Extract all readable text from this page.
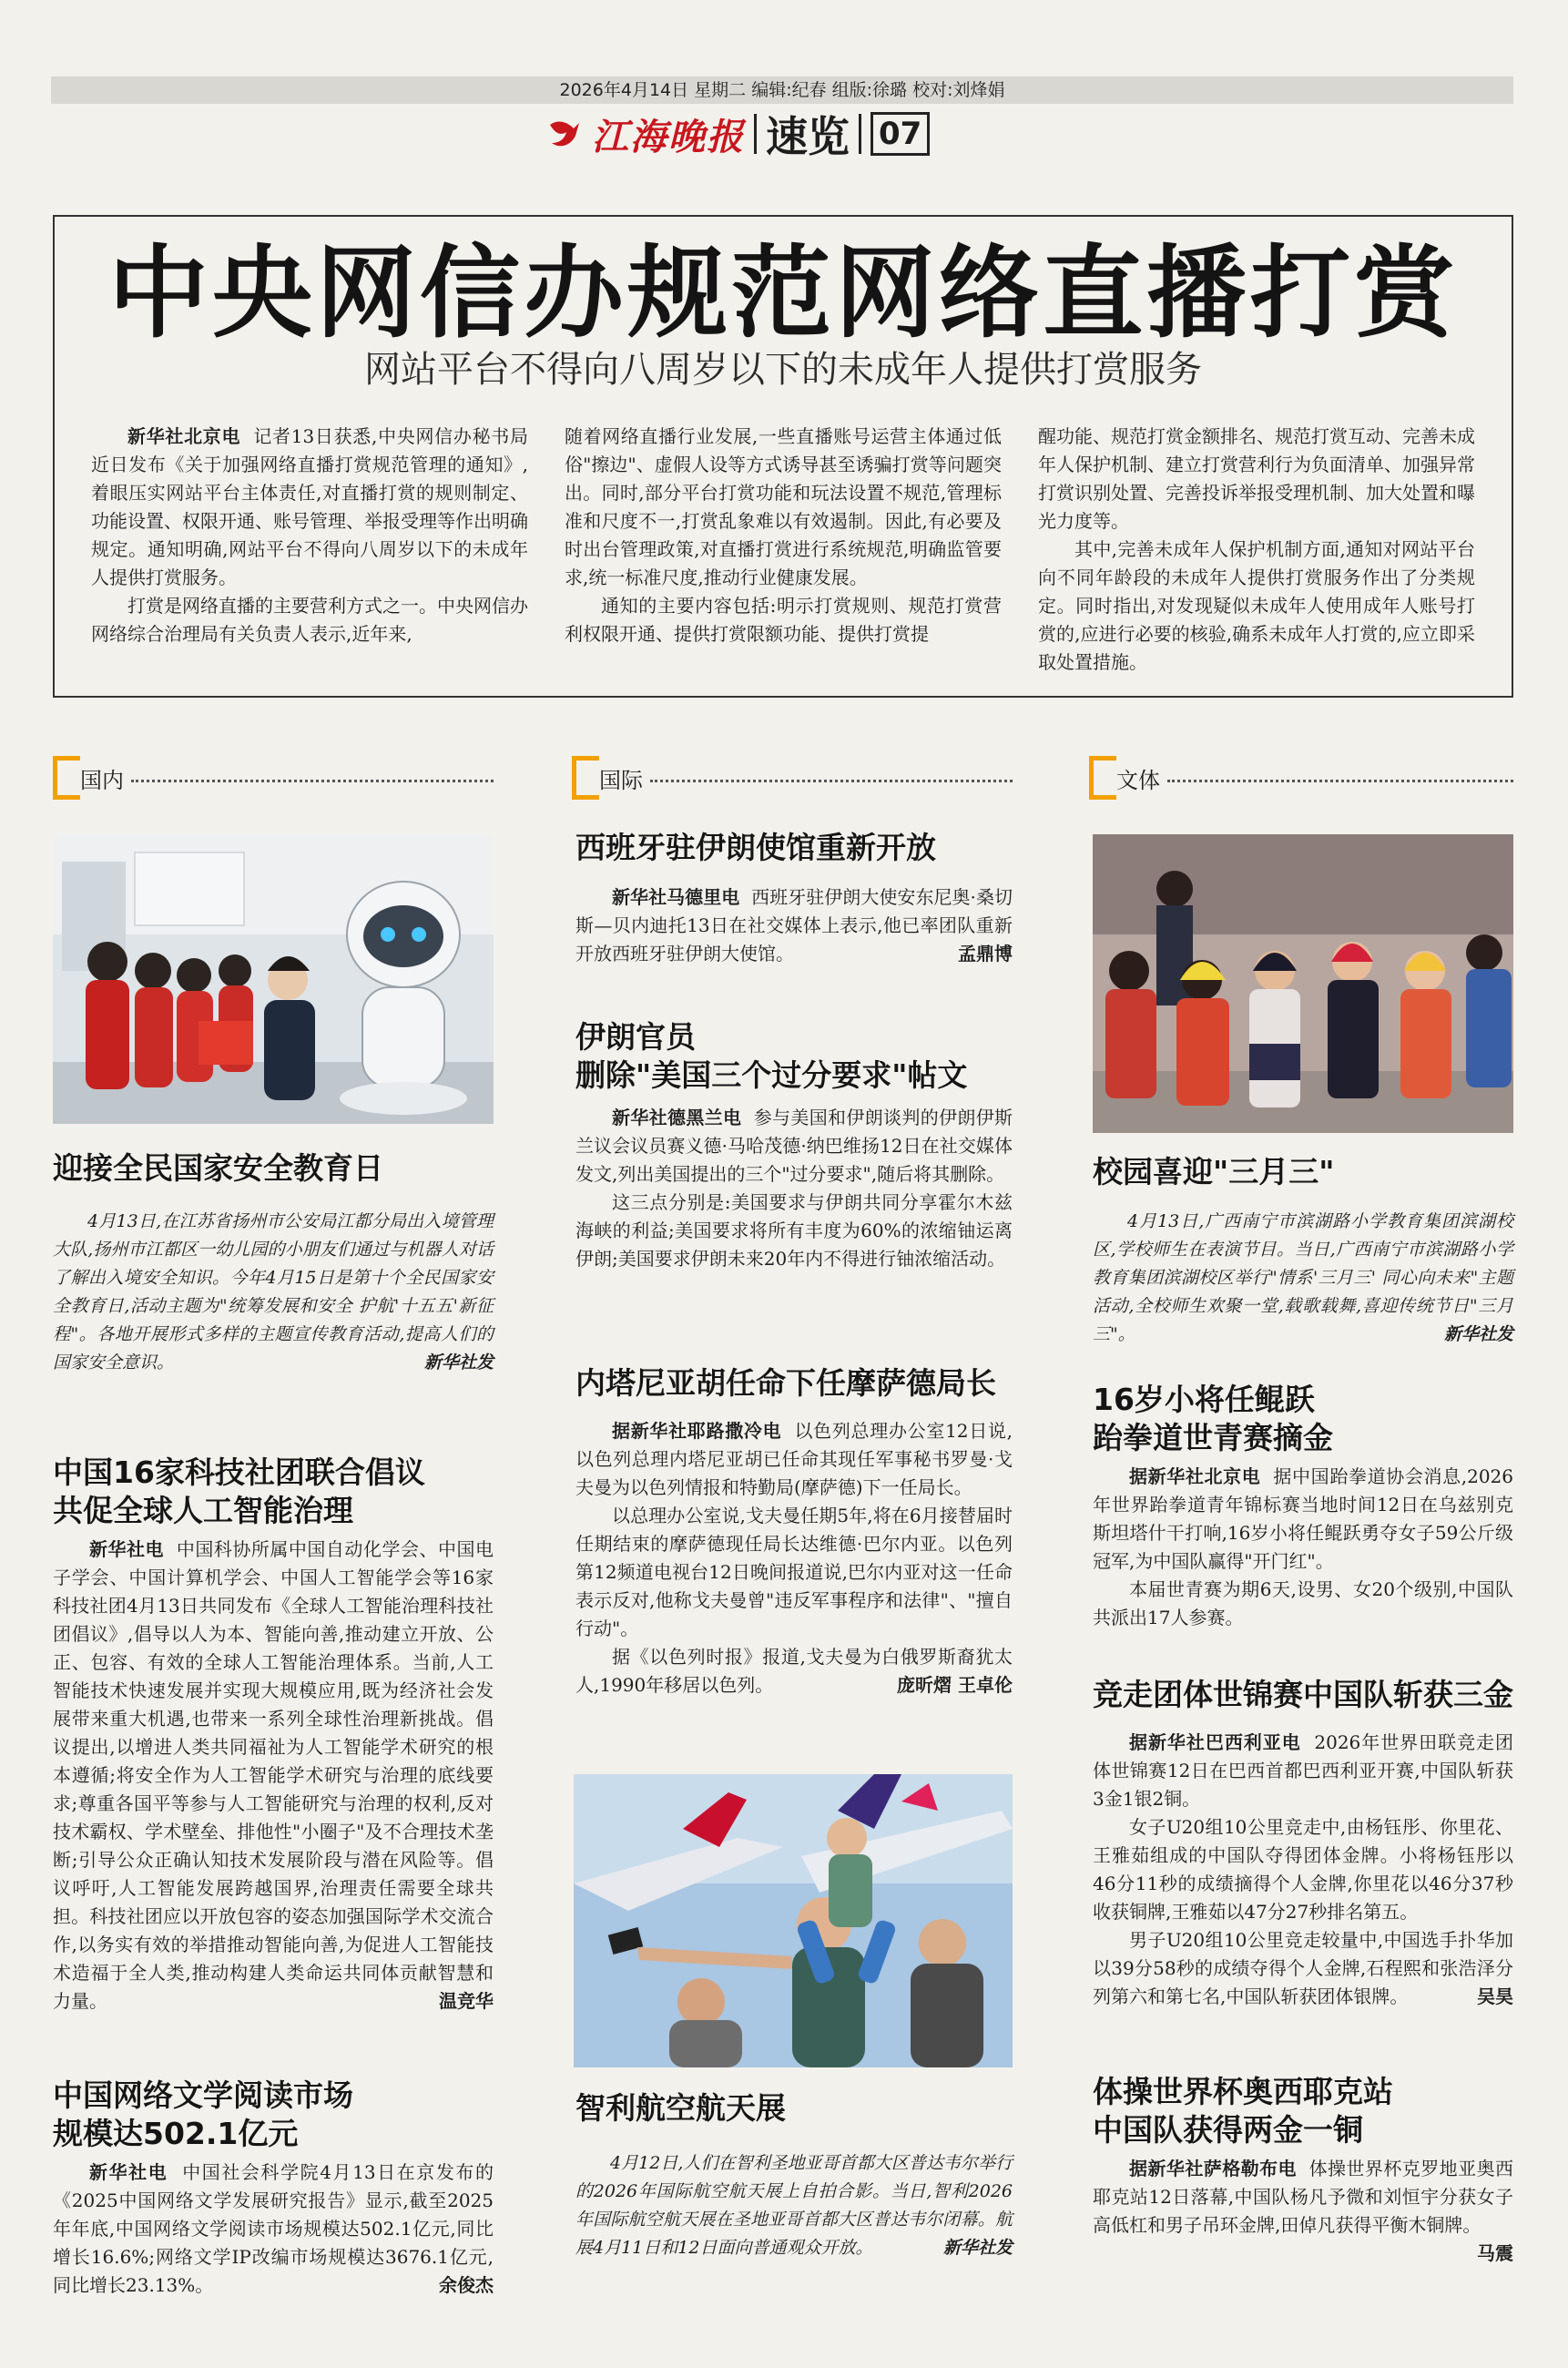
2026年4月14日 星期二 编辑:纪春 组版:徐璐 校对:刘烽娟
江海晚报 速览 07
中央网信办规范网络直播打赏
网站平台不得向八周岁以下的未成年人提供打赏服务

新华社北京电 记者13日获悉,中央网信办秘书局近日发布《关于加强网络直播打赏规范管理的通知》,着眼压实网站平台主体责任,对直播打赏的规则制定、功能设置、权限开通、账号管理、举报受理等作出明确规定。通知明确,网站平台不得向八周岁以下的未成年人提供打赏服务。

打赏是网络直播的主要营利方式之一。中央网信办网络综合治理局有关负责人表示,近年来,

随着网络直播行业发展,一些直播账号运营主体通过低俗"擦边"、虚假人设等方式诱导甚至诱骗打赏等问题突出。同时,部分平台打赏功能和玩法设置不规范,管理标准和尺度不一,打赏乱象难以有效遏制。因此,有必要及时出台管理政策,对直播打赏进行系统规范,明确监管要求,统一标准尺度,推动行业健康发展。

通知的主要内容包括:明示打赏规则、规范打赏营利权限开通、提供打赏限额功能、提供打赏提

醒功能、规范打赏金额排名、规范打赏互动、完善未成年人保护机制、建立打赏营利行为负面清单、加强异常打赏识别处置、完善投诉举报受理机制、加大处置和曝光力度等。

其中,完善未成年人保护机制方面,通知对网站平台向不同年龄段的未成年人提供打赏服务作出了分类规定。同时指出,对发现疑似未成年人使用成年人账号打赏的,应进行必要的核验,确系未成年人打赏的,应立即采取处置措施。

国内	国际	文体
迎接全民国家安全教育日

4月13日,在江苏省扬州市公安局江都分局出入境管理大队,扬州市江都区一幼儿园的小朋友们通过与机器人对话了解出入境安全知识。今年4月15日是第十个全民国家安全教育日,活动主题为"统筹发展和安全 护航'十五五'新征程"。各地开展形式多样的主题宣传教育活动,提高人们的国家安全意识。	新华社发

中国16家科技社团联合倡议
共促全球人工智能治理

新华社电 中国科协所属中国自动化学会、中国电子学会、中国计算机学会、中国人工智能学会等16家科技社团4月13日共同发布《全球人工智能治理科技社团倡议》,倡导以人为本、智能向善,推动建立开放、公正、包容、有效的全球人工智能治理体系。当前,人工智能技术快速发展并实现大规模应用,既为经济社会发展带来重大机遇,也带来一系列全球性治理新挑战。倡议提出,以增进人类共同福祉为人工智能学术研究的根本遵循;将安全作为人工智能学术研究与治理的底线要求;尊重各国平等参与人工智能研究与治理的权利,反对技术霸权、学术壁垒、排他性"小圈子"及不合理技术垄断;引导公众正确认知技术发展阶段与潜在风险等。倡议呼吁,人工智能发展跨越国界,治理责任需要全球共担。科技社团应以开放包容的姿态加强国际学术交流合作,以务实有效的举措推动智能向善,为促进人工智能技术造福于全人类,推动构建人类命运共同体贡献智慧和力量。	温竞华

中国网络文学阅读市场
规模达502.1亿元

新华社电 中国社会科学院4月13日在京发布的《2025中国网络文学发展研究报告》显示,截至2025年年底,中国网络文学阅读市场规模达502.1亿元,同比增长16.6%;网络文学IP改编市场规模达3676.1亿元,同比增长23.13%。	余俊杰

西班牙驻伊朗使馆重新开放

新华社马德里电 西班牙驻伊朗大使安东尼奥·桑切斯—贝内迪托13日在社交媒体上表示,他已率团队重新开放西班牙驻伊朗大使馆。	孟鼎博

伊朗官员
删除"美国三个过分要求"帖文

新华社德黑兰电 参与美国和伊朗谈判的伊朗伊斯兰议会议员赛义德·马哈茂德·纳巴维扬12日在社交媒体发文,列出美国提出的三个"过分要求",随后将其删除。

这三点分别是:美国要求与伊朗共同分享霍尔木兹海峡的利益;美国要求将所有丰度为60%的浓缩铀运离伊朗;美国要求伊朗未来20年内不得进行铀浓缩活动。

内塔尼亚胡任命下任摩萨德局长

据新华社耶路撒冷电 以色列总理办公室12日说,以色列总理内塔尼亚胡已任命其现任军事秘书罗曼·戈夫曼为以色列情报和特勤局(摩萨德)下一任局长。

以总理办公室说,戈夫曼任期5年,将在6月接替届时任期结束的摩萨德现任局长达维德·巴尔内亚。以色列第12频道电视台12日晚间报道说,巴尔内亚对这一任命表示反对,他称戈夫曼曾"违反军事程序和法律"、"擅自行动"。

据《以色列时报》报道,戈夫曼为白俄罗斯裔犹太人,1990年移居以色列。	庞昕熠 王卓伦

智利航空航天展

4月12日,人们在智利圣地亚哥首都大区普达韦尔举行的2026年国际航空航天展上自拍合影。当日,智利2026年国际航空航天展在圣地亚哥首都大区普达韦尔闭幕。航展4月11日和12日面向普通观众开放。	新华社发

校园喜迎"三月三"

4月13日,广西南宁市滨湖路小学教育集团滨湖校区,学校师生在表演节目。当日,广西南宁市滨湖路小学教育集团滨湖校区举行"情系'三月三' 同心向未来"主题活动,全校师生欢聚一堂,载歌载舞,喜迎传统节日"三月三"。	新华社发

16岁小将任鲲跃
跆拳道世青赛摘金

据新华社北京电 据中国跆拳道协会消息,2026年世界跆拳道青年锦标赛当地时间12日在乌兹别克斯坦塔什干打响,16岁小将任鲲跃勇夺女子59公斤级冠军,为中国队赢得"开门红"。

本届世青赛为期6天,设男、女20个级别,中国队共派出17人参赛。

竞走团体世锦赛中国队斩获三金

据新华社巴西利亚电 2026年世界田联竞走团体世锦赛12日在巴西首都巴西利亚开赛,中国队斩获3金1银2铜。

女子U20组10公里竞走中,由杨钰彤、你里花、王雅茹组成的中国队夺得团体金牌。小将杨钰彤以46分11秒的成绩摘得个人金牌,你里花以46分37秒收获铜牌,王雅茹以47分27秒排名第五。

男子U20组10公里竞走较量中,中国选手扑华加以39分58秒的成绩夺得个人金牌,石程熙和张浩泽分列第六和第七名,中国队斩获团体银牌。	吴昊

体操世界杯奥西耶克站
中国队获得两金一铜

据新华社萨格勒布电 体操世界杯克罗地亚奥西耶克站12日落幕,中国队杨凡予微和刘恒宇分获女子高低杠和男子吊环金牌,田倬凡获得平衡木铜牌。
马震
